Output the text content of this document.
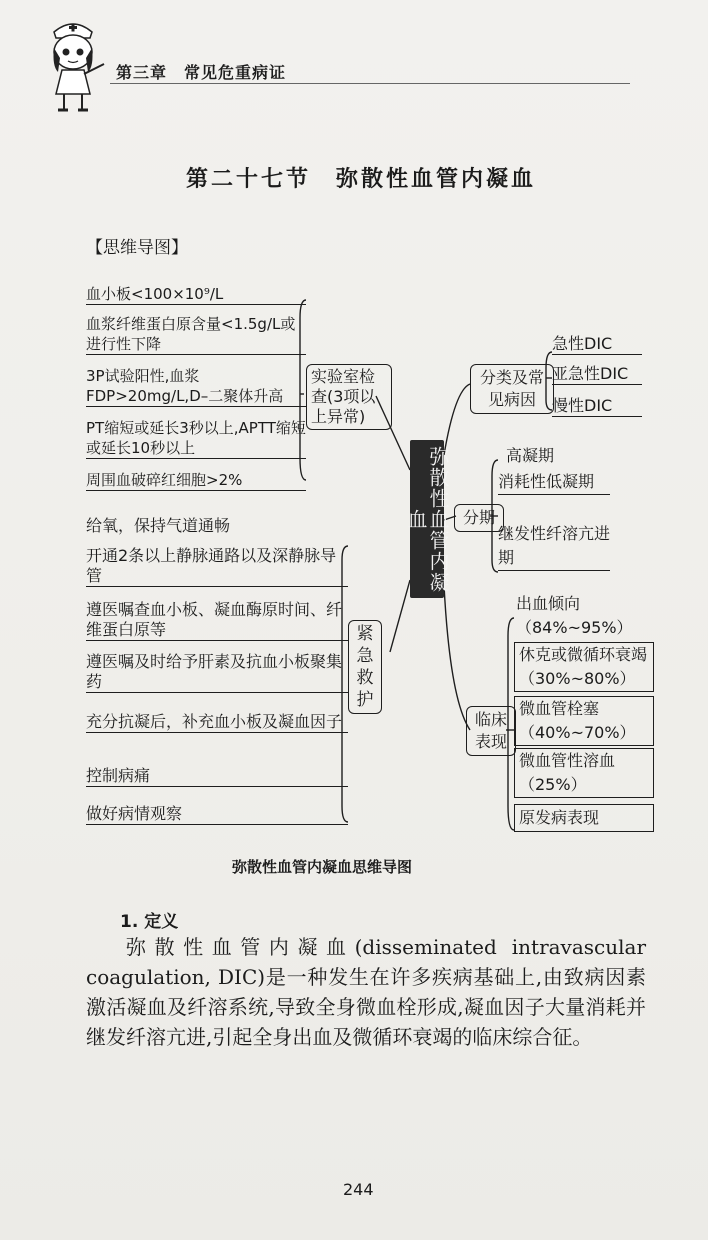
第三章　常见危重病证
第二十七节　 弥散性血管内凝血
【思维导图】
血小板<100×10⁹/L
血浆纤维蛋白原含量<1.5g/L或进行性下降
3P试验阳性,血浆FDP>20mg/L,D–二聚体升高
PT缩短或延长3秒以上,APTT缩短或延长10秒以上
周围血破碎红细胞>2%
实验室检查(3项以上异常)
给氧，保持气道通畅
开通2条以上静脉通路以及深静脉导管
遵医嘱查血小板、凝血酶原时间、纤维蛋白原等
遵医嘱及时给予肝素及抗血小板聚集药
充分抗凝后，补充血小板及凝血因子
控制病痛
做好病情观察
紧急救护
弥散性血管内凝血
分类及常见病因
急性DIC
亚急性DIC
慢性DIC
分期
高凝期
消耗性低凝期
继发性纤溶亢进期
临床表现
出血倾向（84%~95%）
休克或微循环衰竭（30%~80%）
微血管栓塞（40%~70%）
微血管性溶血（25%）
原发病表现
弥散性血管内凝血思维导图
1. 定义
弥散性血管内凝血(disseminated intravascular coagulation, DIC)是一种发生在许多疾病基础上,由致病因素激活凝血及纤溶系统,导致全身微血栓形成,凝血因子大量消耗并继发纤溶亢进,引起全身出血及微循环衰竭的临床综合征。
244
